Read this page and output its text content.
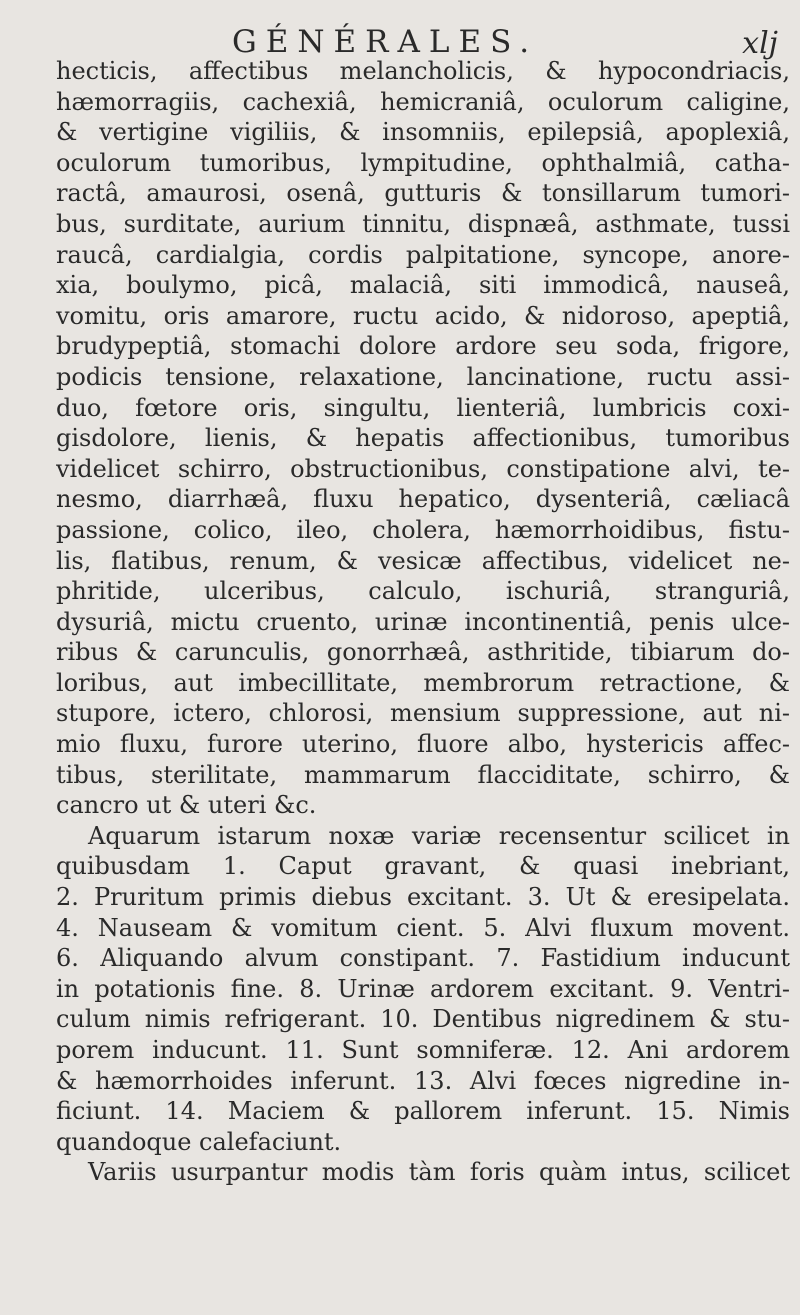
GÉNÉRALES.	xlj
hecticis, affectibus melancholicis, & hypocondriacis,
hæmorragiis, cachexiâ, hemicraniâ, oculorum caligine,
& vertigine vigiliis, & insomniis, epilepsiâ, apoplexiâ,
oculorum tumoribus, lympitudine, ophthalmiâ, catha-
ractâ, amaurosi, osenâ, gutturis & tonsillarum tumori-
bus, surditate, aurium tinnitu, dispnæâ, asthmate, tussi
raucâ, cardialgia, cordis palpitatione, syncope, anore-
xia, boulymo, picâ, malaciâ, siti immodicâ, nauseâ,
vomitu, oris amarore, ructu acido, & nidoroso, apeptiâ,
brudypeptiâ, stomachi dolore ardore seu soda, frigore,
podicis tensione, relaxatione, lancinatione, ructu assi-
duo, fœtore oris, singultu, lienteriâ, lumbricis coxi-
gisdolore, lienis, & hepatis affectionibus, tumoribus
videlicet schirro, obstructionibus, constipatione alvi, te-
nesmo, diarrhæâ, fluxu hepatico, dysenteriâ, cæliacâ
passione, colico, ileo, cholera, hæmorrhoidibus, fistu-
lis, flatibus, renum, & vesicæ affectibus, videlicet ne-
phritide, ulceribus, calculo, ischuriâ, stranguriâ,
dysuriâ, mictu cruento, urinæ incontinentiâ, penis ulce-
ribus & caruncul​is, gonorrhæâ, asthritide, tibiarum do-
loribus, aut imbecillitate, membrorum retractione, &
stupore, ictero, chlorosi, mensium suppressione, aut ni-
mio fluxu, furore uterino, fluore albo, hystericis affec-
tibus, sterilitate, mammarum flacciditate, schirro, &
cancro ut & uteri &c.
Aquarum istarum noxæ variæ recensentur scilicet in
quibusdam 1. Caput gravant, & quasi inebriant,
2. Pruritum primis diebus excitant. 3. Ut & eresipelata.
4. Nauseam & vomitum cient. 5. Alvi fluxum movent.
6. Aliquando alvum constipant. 7. Fastidium inducunt
in potationis fine. 8. Urinæ ardorem excitant. 9. Ventri-
culum nimis refrigerant. 10. Dentibus nigredinem & stu-
porem inducunt. 11. Sunt somniferæ. 12. Ani ardorem
& hæmorrhoides inferunt. 13. Alvi fœces nigredine in-
ficiunt. 14. Maciem & pallorem inferunt. 15. Nimis
quandoque calefaciunt.
Variis usurpantur modis tàm foris quàm intus, scilicet
